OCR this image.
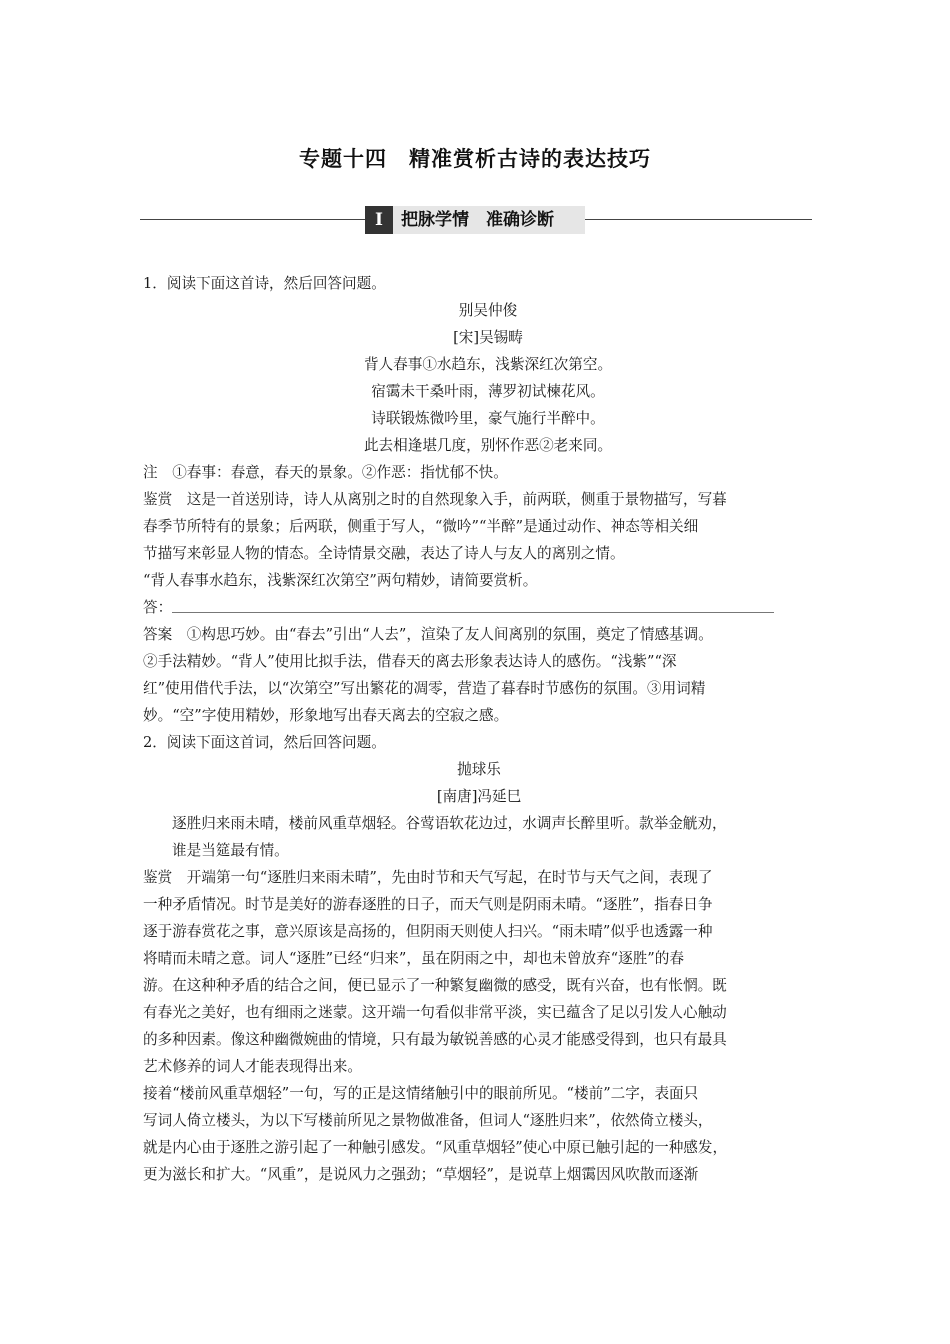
专题十四　精准赏析古诗的表达技巧
I	把脉学情　准确诊断
1．阅读下面这首诗，然后回答问题。
别吴仲俊
[宋]吴锡畴
背人春事①水趋东，浅紫深红次第空。
宿霭未干桑叶雨，薄罗初试楝花风。
诗联锻炼微吟里，豪气施行半醉中。
此去相逢堪几度，别怀作恶②老来同。
注　①春事：春意，春天的景象。②作恶：指忧郁不快。
鉴赏　这是一首送别诗，诗人从离别之时的自然现象入手，前两联，侧重于景物描写，写暮
春季节所特有的景象；后两联，侧重于写人，“微吟”“半醉”是通过动作、神态等相关细
节描写来彰显人物的情态。全诗情景交融，表达了诗人与友人的离别之情。
“背人春事水趋东，浅紫深红次第空”两句精妙，请简要赏析。
答：
答案　①构思巧妙。由“春去”引出“人去”，渲染了友人间离别的氛围，奠定了情感基调。
②手法精妙。“背人”使用比拟手法，借春天的离去形象表达诗人的感伤。“浅紫”“深
红”使用借代手法，以“次第空”写出繁花的凋零，营造了暮春时节感伤的氛围。③用词精
妙。“空”字使用精妙，形象地写出春天离去的空寂之感。
2．阅读下面这首词，然后回答问题。
抛球乐
[南唐]冯延巳
逐胜归来雨未晴，楼前风重草烟轻。谷莺语软花边过，水调声长醉里听。款举金觥劝，
谁是当筵最有情。
鉴赏　开端第一句“逐胜归来雨未晴”，先由时节和天气写起，在时节与天气之间，表现了
一种矛盾情况。时节是美好的游春逐胜的日子，而天气则是阴雨未晴。“逐胜”，指春日争
逐于游春赏花之事，意兴原该是高扬的，但阴雨天则使人扫兴。“雨未晴”似乎也透露一种
将晴而未晴之意。词人“逐胜”已经“归来”，虽在阴雨之中，却也未曾放弃“逐胜”的春
游。在这种种矛盾的结合之间，便已显示了一种繁复幽微的感受，既有兴奋，也有怅惘。既
有春光之美好，也有细雨之迷蒙。这开端一句看似非常平淡，实已蕴含了足以引发人心触动
的多种因素。像这种幽微婉曲的情境，只有最为敏锐善感的心灵才能感受得到，也只有最具
艺术修养的词人才能表现得出来。
接着“楼前风重草烟轻”一句，写的正是这情绪触引中的眼前所见。“楼前”二字，表面只
写词人倚立楼头，为以下写楼前所见之景物做准备，但词人“逐胜归来”，依然倚立楼头，
就是内心由于逐胜之游引起了一种触引感发。“风重草烟轻”使心中原已触引起的一种感发，
更为滋长和扩大。“风重”，是说风力之强劲；“草烟轻”，是说草上烟霭因风吹散而逐渐
